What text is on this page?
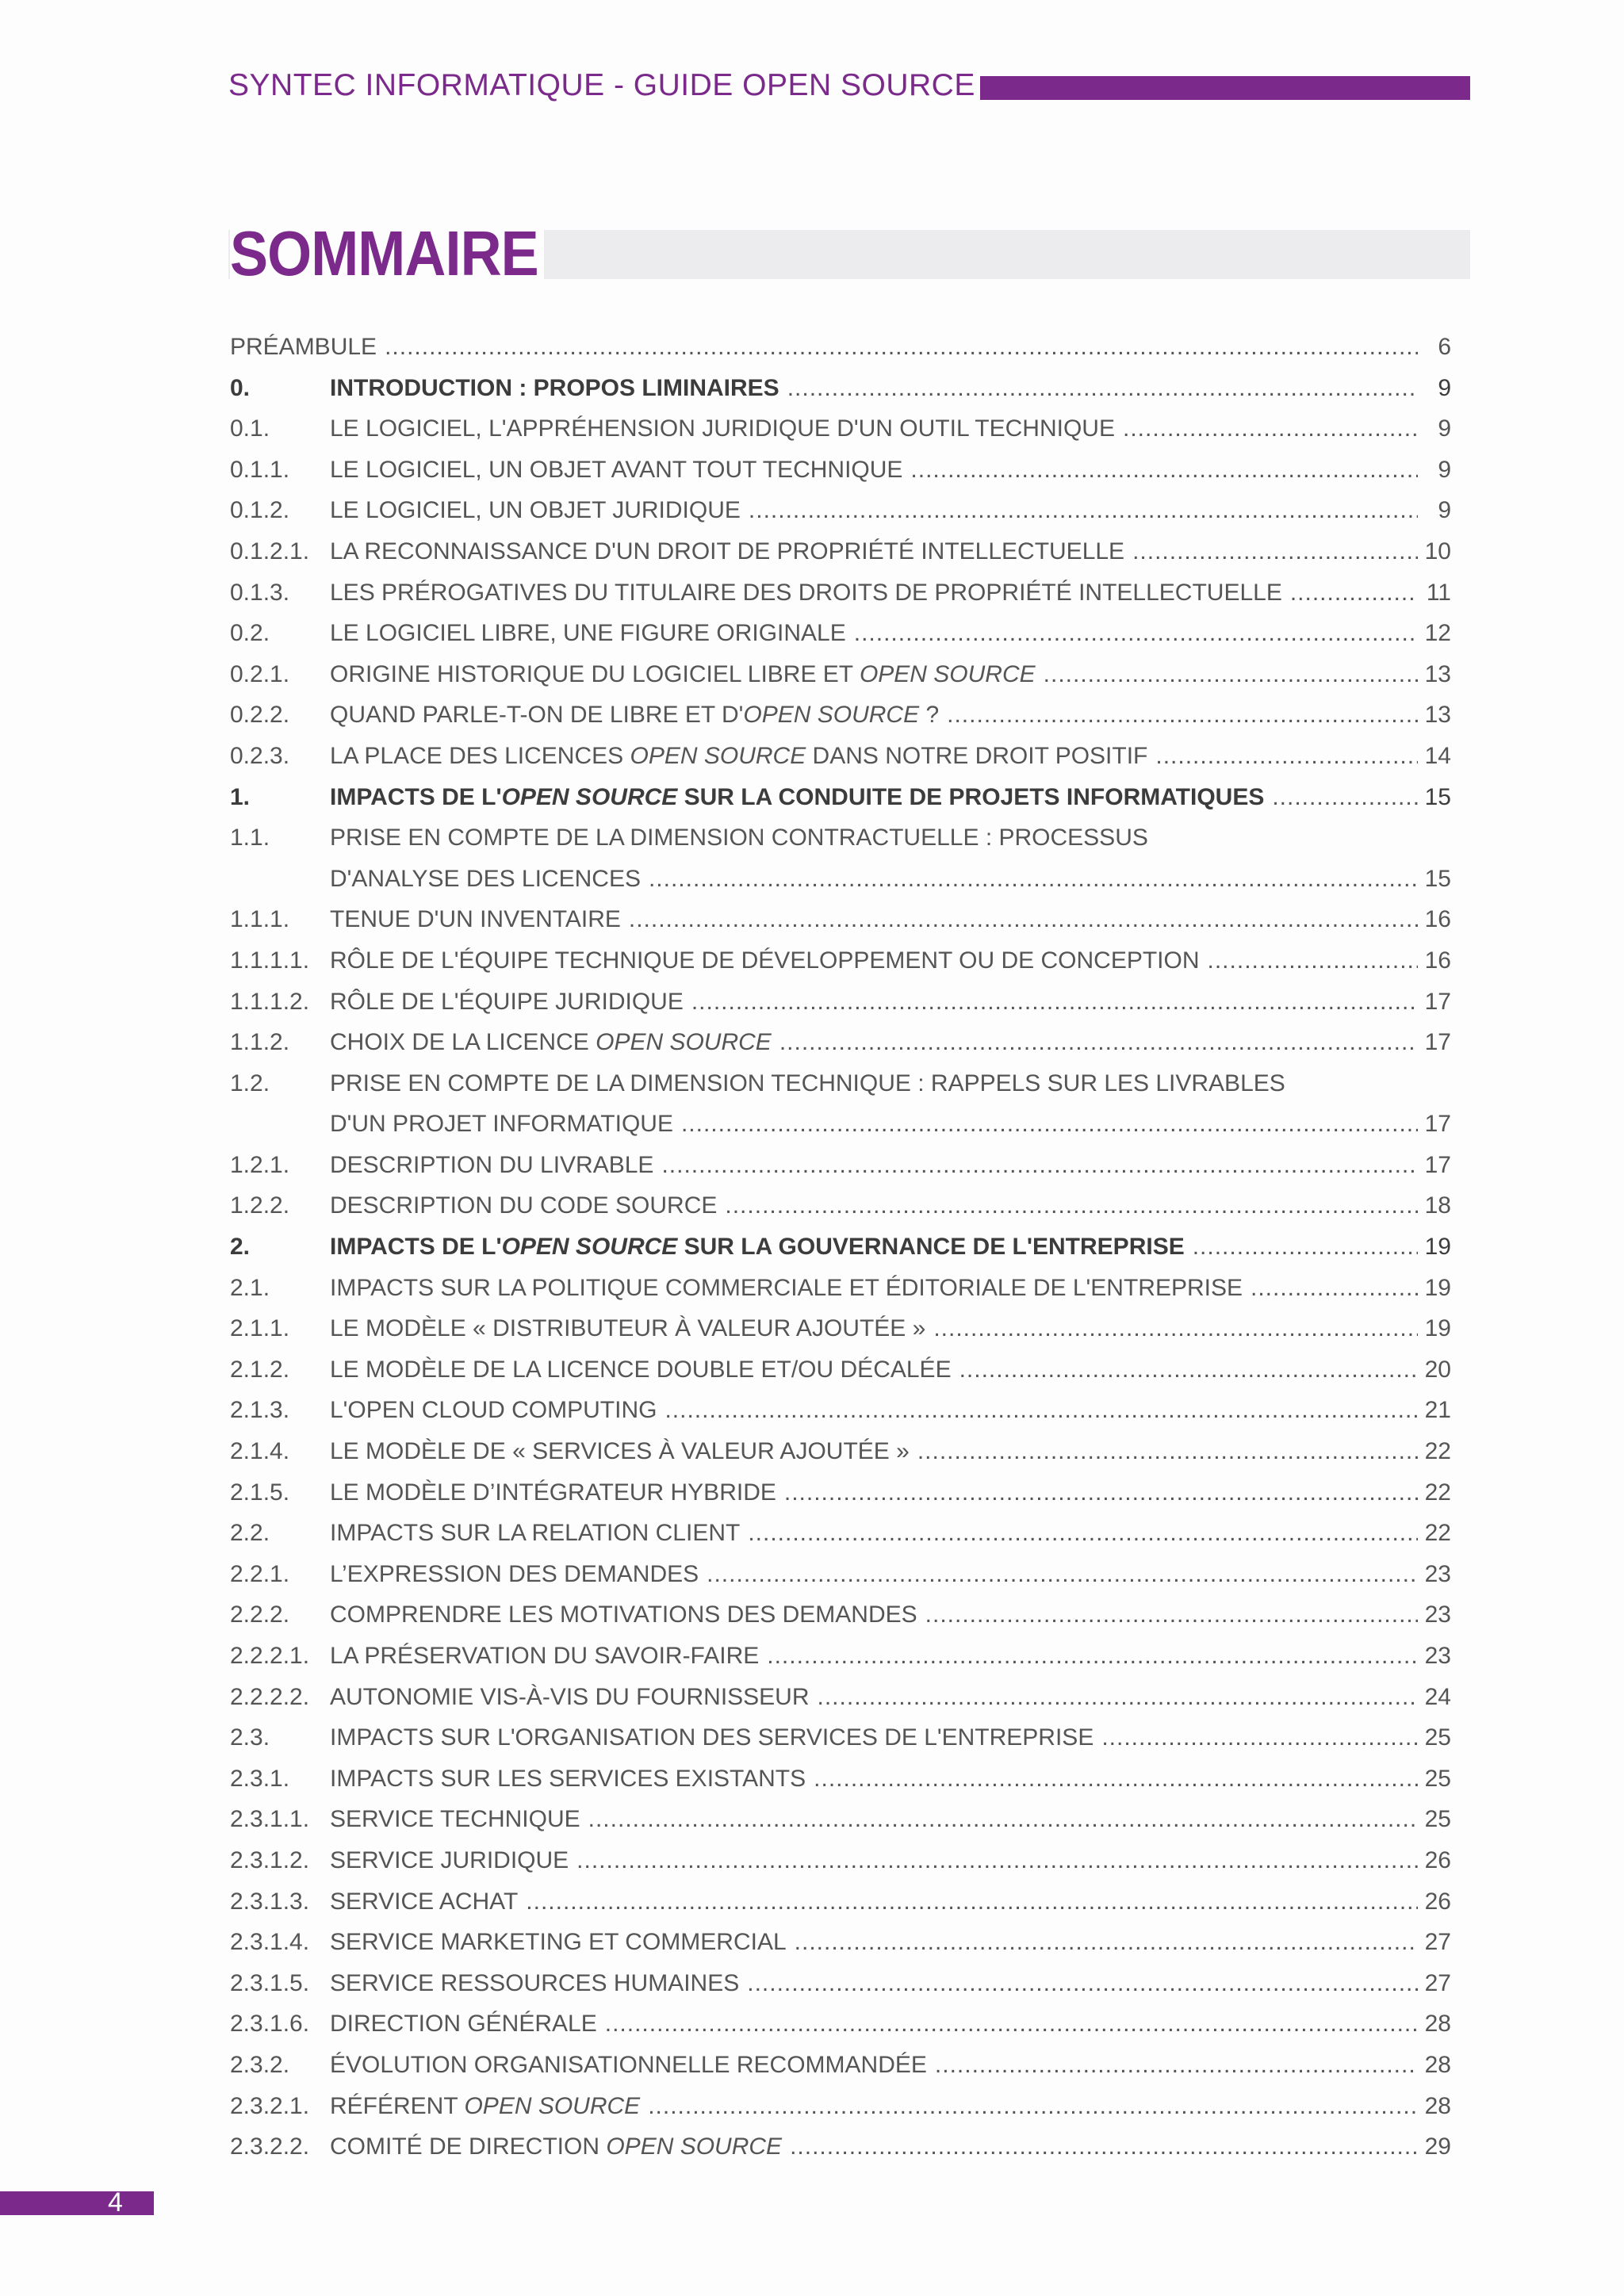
SYNTEC INFORMATIQUE - GUIDE OPEN SOURCE
SOMMAIRE
PRÉAMBULE .....	6
0.	INTRODUCTION : PROPOS LIMINAIRES .....	9
0.1.	LE LOGICIEL, L'APPRÉHENSION JURIDIQUE D'UN OUTIL TECHNIQUE .....	9
0.1.1.	LE LOGICIEL, UN OBJET AVANT TOUT TECHNIQUE .....	9
0.1.2.	LE LOGICIEL, UN OBJET JURIDIQUE .....	9
0.1.2.1. LA RECONNAISSANCE D'UN DROIT DE PROPRIÉTÉ INTELLECTUELLE .....	10
0.1.3.	LES PRÉROGATIVES DU TITULAIRE DES DROITS DE PROPRIÉTÉ INTELLECTUELLE .....	11
0.2.	LE LOGICIEL LIBRE, UNE FIGURE ORIGINALE .....	12
0.2.1.	ORIGINE HISTORIQUE DU LOGICIEL LIBRE ET OPEN SOURCE .....	13
0.2.2.	QUAND PARLE-T-ON DE LIBRE ET D'OPEN SOURCE ? .....	13
0.2.3.	LA PLACE DES LICENCES OPEN SOURCE DANS NOTRE DROIT POSITIF .....	14
1.	IMPACTS DE L'OPEN SOURCE SUR LA CONDUITE DE PROJETS INFORMATIQUES .....	15
1.1.	PRISE EN COMPTE DE LA DIMENSION CONTRACTUELLE : PROCESSUS
D'ANALYSE DES LICENCES .....	15
1.1.1.	TENUE D'UN INVENTAIRE .....	16
1.1.1.1. RÔLE DE L'ÉQUIPE TECHNIQUE DE DÉVELOPPEMENT OU DE CONCEPTION .....	16
1.1.1.2. RÔLE DE L'ÉQUIPE JURIDIQUE .....	17
1.1.2.	CHOIX DE LA LICENCE OPEN SOURCE .....	17
1.2.	PRISE EN COMPTE DE LA DIMENSION TECHNIQUE : RAPPELS SUR LES LIVRABLES
D'UN PROJET INFORMATIQUE .....	17
1.2.1.	DESCRIPTION DU LIVRABLE .....	17
1.2.2.	DESCRIPTION DU CODE SOURCE .....	18
2.	IMPACTS DE L'OPEN SOURCE SUR LA GOUVERNANCE DE L'ENTREPRISE .....	19
2.1.	IMPACTS SUR LA POLITIQUE COMMERCIALE ET ÉDITORIALE DE L'ENTREPRISE .....	19
2.1.1.	LE MODÈLE « DISTRIBUTEUR À VALEUR AJOUTÉE » .....	19
2.1.2.	LE MODÈLE DE LA LICENCE DOUBLE ET/OU DÉCALÉE .....	20
2.1.3.	L'OPEN CLOUD COMPUTING .....	21
2.1.4.	LE MODÈLE DE « SERVICES À VALEUR AJOUTÉE » .....	22
2.1.5.	LE MODÈLE D’INTÉGRATEUR HYBRIDE .....	22
2.2.	IMPACTS SUR LA RELATION CLIENT .....	22
2.2.1.	L’EXPRESSION DES DEMANDES .....	23
2.2.2.	COMPRENDRE LES MOTIVATIONS DES DEMANDES .....	23
2.2.2.1. LA PRÉSERVATION DU SAVOIR-FAIRE .....	23
2.2.2.2. AUTONOMIE VIS-À-VIS DU FOURNISSEUR .....	24
2.3.	IMPACTS SUR L'ORGANISATION DES SERVICES DE L'ENTREPRISE .....	25
2.3.1.	IMPACTS SUR LES SERVICES EXISTANTS .....	25
2.3.1.1. SERVICE TECHNIQUE .....	25
2.3.1.2. SERVICE JURIDIQUE .....	26
2.3.1.3. SERVICE ACHAT .....	26
2.3.1.4. SERVICE MARKETING ET COMMERCIAL .....	27
2.3.1.5. SERVICE RESSOURCES HUMAINES .....	27
2.3.1.6. DIRECTION GÉNÉRALE .....	28
2.3.2.	ÉVOLUTION ORGANISATIONNELLE RECOMMANDÉE .....	28
2.3.2.1. RÉFÉRENT OPEN SOURCE .....	28
2.3.2.2. COMITÉ DE DIRECTION OPEN SOURCE .....	29
4
